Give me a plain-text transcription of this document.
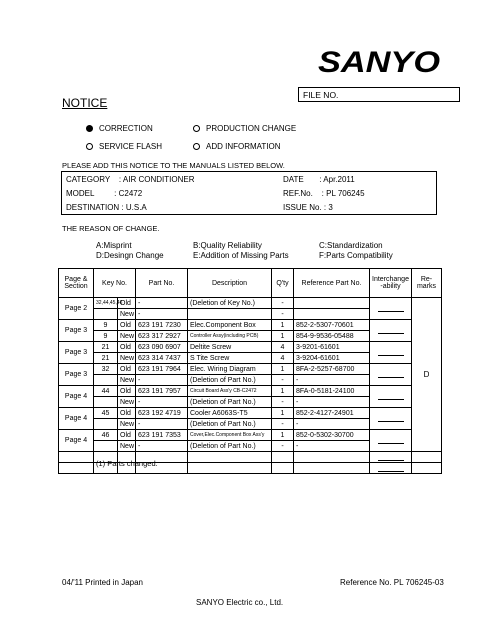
SANYO
FILE NO.
NOTICE
CORRECTION	PRODUCTION CHANGE
SERVICE FLASH	ADD INFORMATION
PLEASE ADD THIS NOTICE TO THE MANUALS LISTED BELOW.
CATEGORY    : AIR CONDITIONER
MODEL         : C2472
DESTINATION : U.S.A
DATE       : Apr.2011
REF.No.    : PL 706245
ISSUE No. : 3
THE REASON OF CHANGE.
A:Misprint
D:Desingn Change
B:Quality Reliability
E:Addition of Missing Parts
C:Standardization
F:Parts Compatibility
Page & Section	Key No.		Part No.	Description	Q'ty	Reference Part No.	Interchange -ability	Re- marks
Page 2	32,44,45,46	Old	-	(Deletion of Key No.)	-			D
		New	-		-			
Page 3	9	Old	623 191 7230	Elec.Component Box	1	852-2-5307-70601		

	9	New	623 317 2927	Controller Assy(including PCB)	1	854-9-9536-05488		
Page 3	21	Old	623 090 6907	Deltite Screw	4	3-9201-61601		

	21	New	623 314 7437	S Tite Screw	4	3-9204-61601		
Page 3	32	Old	623 191 7964	Elec. Wiring Diagram	1	8FA-2-5257-68700		

		New	-	(Deletion of Part No.)	-	-		
Page 4	44	Old	623 191 7957	Circuit Board Ass'y CB-C2472	1	8FA-0-5181-24100		

		New	-	(Deletion of Part No.)	-	-		
Page 4	45	Old	623 192 4719	Cooler A6063S-T5	1	852-2-4127-24901		

		New	-	(Deletion of Part No.)	-	-		
Page 4	46	Old	623 191 7353	Cover,Elec.Component Box Ass'y	1	852-0-5302-30700		

		New	-	(Deletion of Part No.)	-	-		

(1) Parts changed.
04/'11 Printed in Japan	Reference No. PL 706245-03
SANYO Electric co., Ltd.
